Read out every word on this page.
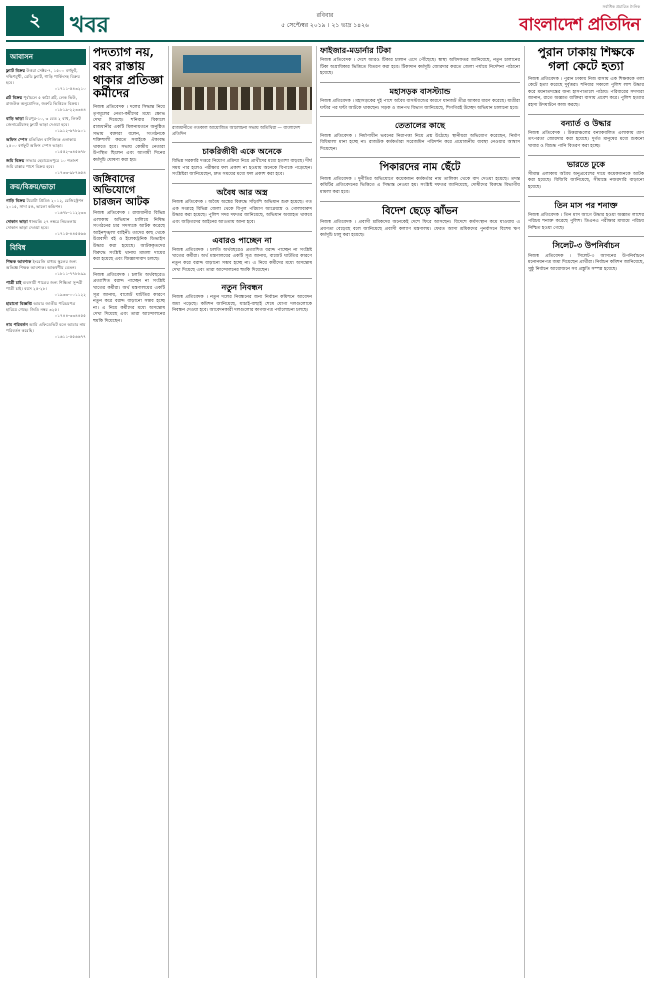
২	খবর	রবিবার
৫ সেপ্টেম্বর ২০১৯ । ২১ ভাদ্র ১৪২৬
সর্বাধিক প্রচারিত দৈনিক
বাংলাদেশ প্রতিদিন
আবাসন
ফ্ল্যাট বিক্রয় উত্তরা সেক্টর-৭, ১৫০০ বর্গফুট, দক্ষিণমুখী, রেডি ফ্ল্যাট, গাড়ি পার্কিংসহ বিক্রয় হবে।
০১৭১১-৫৪৩২১০
প্লট বিক্রয় পূর্বাচলে ৫ কাঠা প্লট, লেক ভিউ, রাজউক অনুমোদিত, জরুরি ভিত্তিতে বিক্রয়।
০১৮১৯-২২৩৩৪৪
বাড়ি ভাড়া মিরপুর-১০, ৩ বেড ২ বাথ, লিফট জেনারেটরসহ ফ্ল্যাট ভাড়া দেওয়া হবে।
০১৯১২-৬৭৮৯০১
অফিস স্পেস মতিঝিল বাণিজ্যিক এলাকায় ২৫০০ বর্গফুট অফিস স্পেস ভাড়া।
০১৫৫২-৩৪৫৬৭৮
জমি বিক্রয় সাভার হেমায়েতপুরে ১০ শতাংশ জমি রাস্তার পাশে বিক্রয় হবে।
০১৭৩৩-৯৮৭৬৫৪
ক্রয়/বিক্রয়/ভাড়া
গাড়ি বিক্রয় টয়োটা প্রিমিও ২০১২, রেজিস্ট্রেশন ২০১৫, সাদা রঙ, ভালো কন্ডিশন।
০১৬৭৮-১১২২৩৩
দোকান ভাড়া ধানমন্ডি ২৭ নম্বরে নিচতলায় দোকান ভাড়া দেওয়া হবে।
০১৭১৫-৪৪৫৫৬৬
বিবিধ
শিক্ষক আবশ্যক ইংরেজি মাধ্যম স্কুলের জন্য অভিজ্ঞ শিক্ষক আবশ্যক। আকর্ষণীয় বেতন।
০১৮১১-৭৭৮৮৯৯
পাত্রী চাই ব্যবসায়ী পাত্রের জন্য শিক্ষিতা সুন্দরী পাত্রী চাই। বয়স ২৫-২৮।
০১৯৩৩-০০১১২২
হারানো বিজ্ঞপ্তি আমার জাতীয় পরিচয়পত্র হারিয়ে গেছে। জিডি নম্বর ৩২৫।
০১৭৪৪-৩৩৪৪৫৫
নাম পরিবর্তন আমি এফিডেভিট বলে আমার নাম পরিবর্তন করেছি।
০১৬১১-৫৫৬৬৭৭
পদত্যাগ নয়, বরং রাস্তায় থাকার প্রতিজ্ঞা কর্মীদের
নিজস্ব প্রতিবেদক । দলের সিদ্ধান্ত নিয়ে তৃণমূলের নেতা-কর্মীদের মধ্যে ক্ষোভ দেখা দিয়েছে। শনিবার বিকালে রাজধানীর একটি মিলনায়তনে অনুষ্ঠিত সভায় বক্তারা বলেন, সংগঠনকে শক্তিশালী করতে সবাইকে ঐক্যবদ্ধ থাকতে হবে। সভায় কেন্দ্রীয় নেতারা উপস্থিত ছিলেন এবং আগামী দিনের কর্মসূচি ঘোষণা করা হয়।
জঙ্গিবাদের অভিযোগে চারজন আটক
নিজস্ব প্রতিবেদক । রাজধানীর বিভিন্ন এলাকায় অভিযান চালিয়ে নিষিদ্ধ সংগঠনের চার সদস্যকে আটক করেছে আইনশৃঙ্খলা বাহিনী। তাদের কাছ থেকে উগ্রবাদী বই ও ইলেকট্রনিক ডিভাইস উদ্ধার করা হয়েছে। আটককৃতদের বিরুদ্ধে সংশ্লিষ্ট থানায় মামলা দায়ের করা হয়েছে এবং জিজ্ঞাসাবাদ চলছে।
নিজস্ব প্রতিবেদক । চলতি অর্থবছরেও প্রত্যাশিত বরাদ্দ পাচ্ছেন না সংশ্লিষ্ট খাতের কর্মীরা। অর্থ মন্ত্রণালয়ের একটি সূত্র জানায়, বাজেট ঘাটতির কারণে নতুন করে বরাদ্দ বাড়ানো সম্ভব হচ্ছে না। এ নিয়ে কর্মীদের মধ্যে অসন্তোষ দেখা দিয়েছে এবং তারা আন্দোলনের হুমকি দিয়েছেন।
রাজধানীতে গতকাল আয়োজিত আলোচনা সভায় অতিথিরা — বাংলাদেশ প্রতিদিন
চাকরিজীবী একে অনেকে
বিভিন্ন সরকারি দপ্তরে নিয়োগ প্রক্রিয়া নিয়ে প্রার্থীদের মধ্যে হতাশা বাড়ছে। দীর্ঘ সময় পার হলেও পরীক্ষার ফল প্রকাশ না হওয়ায় অনেকে বিপাকে পড়েছেন। সংশ্লিষ্টরা জানিয়েছেন, দ্রুত সময়ের মধ্যে ফল প্রকাশ করা হবে।
অবৈধ আর অস্ত্র
নিজস্ব প্রতিবেদক । অবৈধ অস্ত্রের বিরুদ্ধে সাঁড়াশি অভিযান শুরু হয়েছে। গত এক সপ্তাহে বিভিন্ন জেলা থেকে বিপুল পরিমাণ আগ্নেয়াস্ত্র ও গোলাবারুদ উদ্ধার করা হয়েছে। পুলিশ সদর দফতর জানিয়েছে, অভিযান অব্যাহত থাকবে এবং জড়িতদের আইনের আওতায় আনা হবে।
এবারও পাচ্ছেন না
নিজস্ব প্রতিবেদক । চলতি অর্থবছরেও প্রত্যাশিত বরাদ্দ পাচ্ছেন না সংশ্লিষ্ট খাতের কর্মীরা। অর্থ মন্ত্রণালয়ের একটি সূত্র জানায়, বাজেট ঘাটতির কারণে নতুন করে বরাদ্দ বাড়ানো সম্ভব হচ্ছে না। এ নিয়ে কর্মীদের মধ্যে অসন্তোষ দেখা দিয়েছে এবং তারা আন্দোলনের হুমকি দিয়েছেন।
নতুন নিবন্ধন
নিজস্ব প্রতিবেদক । নতুন দলের নিবন্ধনের জন্য নির্বাচন কমিশনে আবেদন জমা পড়েছে। কমিশন জানিয়েছে, যাচাই-বাছাই শেষে যোগ্য দলগুলোকে নিবন্ধন দেওয়া হবে। আবেদনকারী দলগুলোর কাগজপত্র পর্যালোচনা চলছে।
ফাইজার-মডার্নার টিকা
নিজস্ব প্রতিবেদক । দেশে আরও টিকার চালান এসে পৌঁছেছে। স্বাস্থ্য অধিদফতর জানিয়েছে, নতুন চালানের টিকা অগ্রাধিকার ভিত্তিতে বিতরণ করা হবে। টিকাদান কর্মসূচি জোরদার করতে জেলা পর্যায়ে নির্দেশনা পাঠানো হয়েছে।
মহাসড়ক বাসস্ট্যান্ড
নিজস্ব প্রতিবেদক । মহাসড়কের দুই পাশে অবৈধ বাসস্ট্যান্ডের কারণে যানজট তীব্র আকার ধারণ করেছে। যাত্রীরা ঘণ্টার পর ঘণ্টা আটকে থাকছেন। সড়ক ও জনপথ বিভাগ জানিয়েছে, শিগগিরই উচ্ছেদ অভিযান চালানো হবে।
তেতালের কাছে
নিজস্ব প্রতিবেদক । নির্মাণাধীন ভবনের নিরাপত্তা নিয়ে প্রশ্ন উঠেছে। স্থানীয়রা অভিযোগ করেছেন, নির্মাণ বিধিমালা মানা হচ্ছে না। রাজউক কর্মকর্তারা সরেজমিন পরিদর্শন করে প্রয়োজনীয় ব্যবস্থা নেওয়ার আশ্বাস দিয়েছেন।
পিকারদের নাম ছেঁটে
নিজস্ব প্রতিবেদক । দুর্নীতির অভিযোগে কয়েকজন কর্মকর্তার নাম তালিকা থেকে বাদ দেওয়া হয়েছে। তদন্ত কমিটির প্রতিবেদনের ভিত্তিতে এ সিদ্ধান্ত নেওয়া হয়। সংশ্লিষ্ট দফতর জানিয়েছে, দোষীদের বিরুদ্ধে বিভাগীয় মামলা করা হবে।
বিদেশ ছেড়ে ঝাঁভন
নিজস্ব প্রতিবেদক । প্রবাসী শ্রমিকদের অনেকেই দেশে ফিরে আসছেন। বিদেশে কর্মসংস্থান কমে যাওয়ায় এ প্রবণতা বেড়েছে বলে জানিয়েছে প্রবাসী কল্যাণ মন্ত্রণালয়। ফেরত আসা শ্রমিকদের পুনর্বাসনে বিশেষ ঋণ কর্মসূচি চালু করা হয়েছে।
পুরান ঢাকায় শিক্ষকে গলা কেটে হত্যা
নিজস্ব প্রতিবেদক । পুরান ঢাকায় নিজ বাসায় এক শিক্ষককে গলা কেটে হত্যা করেছে দুর্বৃত্তরা। শনিবার সকালে পুলিশ লাশ উদ্ধার করে ময়নাতদন্তের জন্য হাসপাতালে পাঠায়। পরিবারের সদস্যরা জানান, রাতে অজ্ঞাত ব্যক্তিরা বাসায় প্রবেশ করে। পুলিশ হত্যার রহস্য উদঘাটনে কাজ করছে।
বন্যার্ত ও উদ্ধার
নিজস্ব প্রতিবেদক । উত্তরাঞ্চলের বন্যাকবলিত এলাকায় ত্রাণ তৎপরতা জোরদার করা হয়েছে। দুর্গত মানুষের মধ্যে শুকনো খাবার ও বিশুদ্ধ পানি বিতরণ করা হচ্ছে।
ভারতে ঢুকে
সীমান্ত এলাকায় অবৈধ অনুপ্রবেশের দায়ে কয়েকজনকে আটক করা হয়েছে। বিজিবি জানিয়েছে, সীমান্তে নজরদারি বাড়ানো হয়েছে।
তিন মাস পর শনাক্ত
নিজস্ব প্রতিবেদক । তিন মাস আগে উদ্ধার হওয়া অজ্ঞাত লাশের পরিচয় শনাক্ত করেছে পুলিশ। ডিএনএ পরীক্ষার মাধ্যমে পরিচয় নিশ্চিত হওয়া গেছে।
সিলেট-৩ উপনির্বাচন
নিজস্ব প্রতিবেদক । সিলেট-৩ আসনের উপনির্বাচনে মনোনয়নপত্র জমা দিয়েছেন প্রার্থীরা। নির্বাচন কমিশন জানিয়েছে, সুষ্ঠু নির্বাচন আয়োজনে সব প্রস্তুতি সম্পন্ন হয়েছে।
